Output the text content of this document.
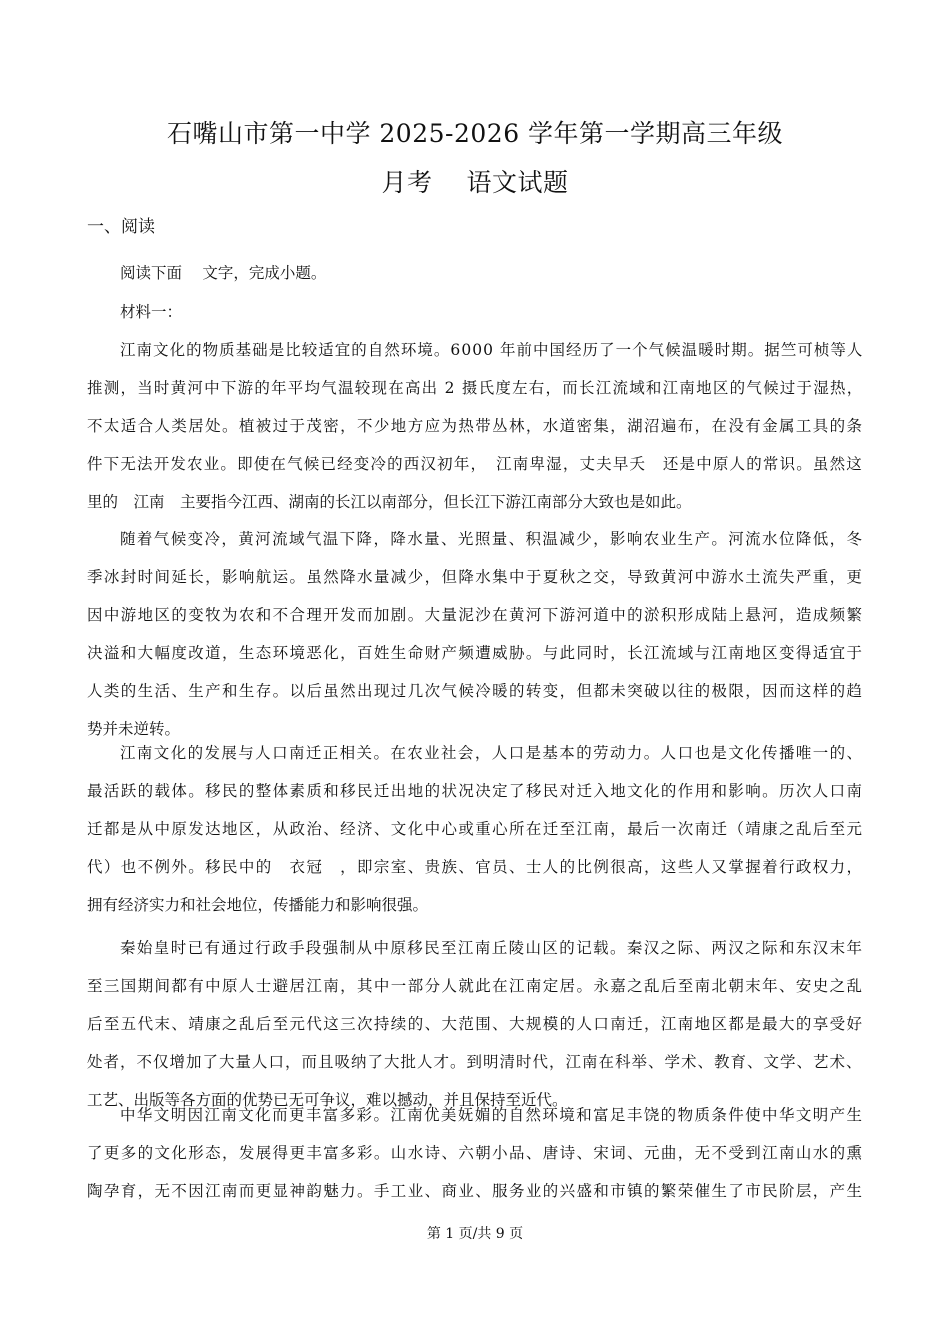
石嘴山市第一中学 2025-2026 学年第一学期高三年级
月考　 语文试题
一、阅读
阅读下面　 文字，完成小题。
材料一：
江南文化的物质基础是比较适宜的自然环境。6000 年前中国经历了一个气候温暖时期。据竺可桢等人
推测，当时黄河中下游的年平均气温较现在高出 2 摄氏度左右，而长江流域和江南地区的气候过于湿热，
不太适合人类居处。植被过于茂密，不少地方应为热带丛林，水道密集，湖沼遍布，在没有金属工具的条
件下无法开发农业。即使在气候已经变冷的西汉初年，　江南卑湿，丈夫早夭　还是中原人的常识。虽然这
里的　江南　主要指今江西、湖南的长江以南部分，但长江下游江南部分大致也是如此。
随着气候变冷，黄河流域气温下降，降水量、光照量、积温减少，影响农业生产。河流水位降低，冬
季冰封时间延长，影响航运。虽然降水量减少，但降水集中于夏秋之交，导致黄河中游水土流失严重，更
因中游地区的变牧为农和不合理开发而加剧。大量泥沙在黄河下游河道中的淤积形成陆上悬河，造成频繁
决溢和大幅度改道，生态环境恶化，百姓生命财产频遭威胁。与此同时，长江流域与江南地区变得适宜于
人类的生活、生产和生存。以后虽然出现过几次气候冷暖的转变，但都未突破以往的极限，因而这样的趋
势并未逆转。
江南文化的发展与人口南迁正相关。在农业社会，人口是基本的劳动力。人口也是文化传播唯一的、
最活跃的载体。移民的整体素质和移民迁出地的状况决定了移民对迁入地文化的作用和影响。历次人口南
迁都是从中原发达地区，从政治、经济、文化中心或重心所在迁至江南，最后一次南迁（靖康之乱后至元
代）也不例外。移民中的　衣冠　，即宗室、贵族、官员、士人的比例很高，这些人又掌握着行政权力，
拥有经济实力和社会地位，传播能力和影响很强。
秦始皇时已有通过行政手段强制从中原移民至江南丘陵山区的记载。秦汉之际、两汉之际和东汉末年
至三国期间都有中原人士避居江南，其中一部分人就此在江南定居。永嘉之乱后至南北朝末年、安史之乱
后至五代末、靖康之乱后至元代这三次持续的、大范围、大规模的人口南迁，江南地区都是最大的享受好
处者，不仅增加了大量人口，而且吸纳了大批人才。到明清时代，江南在科举、学术、教育、文学、艺术、
工艺、出版等各方面的优势已无可争议，难以撼动，并且保持至近代。
中华文明因江南文化而更丰富多彩。江南优美妩媚的自然环境和富足丰饶的物质条件使中华文明产生
了更多的文化形态，发展得更丰富多彩。山水诗、六朝小品、唐诗、宋词、元曲，无不受到江南山水的熏
陶孕育，无不因江南而更显神韵魅力。手工业、商业、服务业的兴盛和市镇的繁荣催生了市民阶层，产生
第 1 页/共 9 页
